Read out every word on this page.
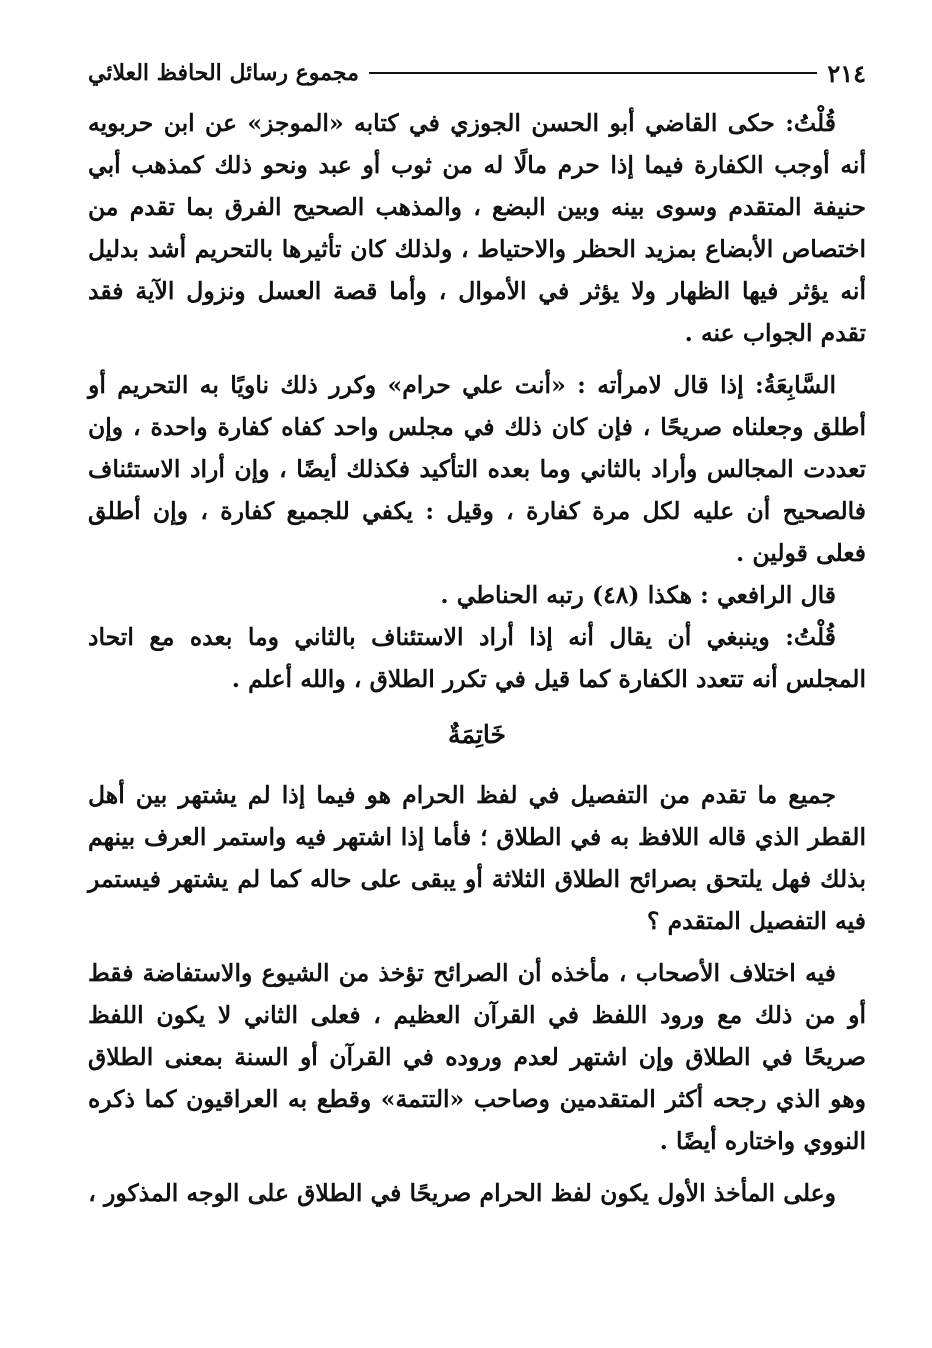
٢١٤
مجموع رسائل الحافظ العلائي

قُلْتُ: حكى القاضي أبو الحسن الجوزي في كتابه «الموجز» عن ابن حربويه أنه أوجب الكفارة فيما إذا حرم مالًا له من ثوب أو عبد ونحو ذلك كمذهب أبي حنيفة المتقدم وسوى بينه وبين البضع ، والمذهب الصحيح الفرق بما تقدم من اختصاص الأبضاع بمزيد الحظر والاحتياط ، ولذلك كان تأثيرها بالتحريم أشد بدليل أنه يؤثر فيها الظهار ولا يؤثر في الأموال ، وأما قصة العسل ونزول الآية فقد تقدم الجواب عنه .

السَّابِعَةُ: إذا قال لامرأته : «أنت علي حرام» وكرر ذلك ناويًا به التحريم أو أطلق وجعلناه صريحًا ، فإن كان ذلك في مجلس واحد كفاه كفارة واحدة ، وإن تعددت المجالس وأراد بالثاني وما بعده التأكيد فكذلك أيضًا ، وإن أراد الاستئناف فالصحيح أن عليه لكل مرة كفارة ، وقيل : يكفي للجميع كفارة ، وإن أطلق فعلى قولين .

قال الرافعي : هكذا (٤٨) رتبه الحناطي .

قُلْتُ: وينبغي أن يقال أنه إذا أراد الاستئناف بالثاني وما بعده مع اتحاد المجلس أنه تتعدد الكفارة كما قيل في تكرر الطلاق ، والله أعلم .

خَاتِمَةٌ

جميع ما تقدم من التفصيل في لفظ الحرام هو فيما إذا لم يشتهر بين أهل القطر الذي قاله اللافظ به في الطلاق ؛ فأما إذا اشتهر فيه واستمر العرف بينهم بذلك فهل يلتحق بصرائح الطلاق الثلاثة أو يبقى على حاله كما لم يشتهر فيستمر فيه التفصيل المتقدم ؟

فيه اختلاف الأصحاب ، مأخذه أن الصرائح تؤخذ من الشيوع والاستفاضة فقط أو من ذلك مع ورود اللفظ في القرآن العظيم ، فعلى الثاني لا يكون اللفظ صريحًا في الطلاق وإن اشتهر لعدم وروده في القرآن أو السنة بمعنى الطلاق وهو الذي رجحه أكثر المتقدمين وصاحب «التتمة» وقطع به العراقيون كما ذكره النووي واختاره أيضًا .

وعلى المأخذ الأول يكون لفظ الحرام صريحًا في الطلاق على الوجه المذكور ،
